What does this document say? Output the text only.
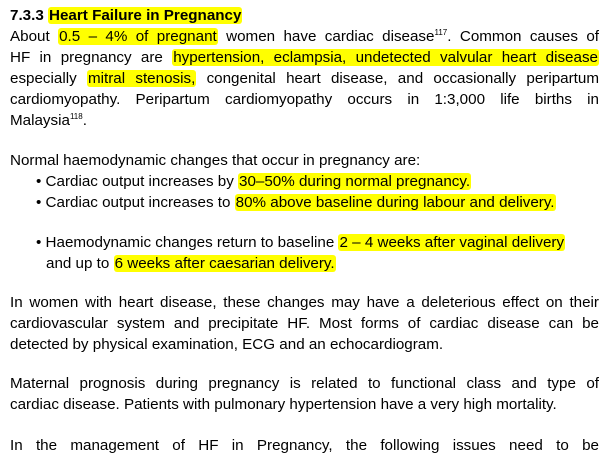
7.3.3 Heart Failure in Pregnancy
About 0.5 – 4% of pregnant women have cardiac disease$^{117}$. Common causes of
HF in pregnancy are hypertension, eclampsia, undetected valvular heart disease
especially mitral stenosis, congenital heart disease, and occasionally peripartum
cardiomyopathy. Peripartum cardiomyopathy occurs in 1:3,000 life births in
Malaysia$^{118}$.
Normal haemodynamic changes that occur in pregnancy are:
• Cardiac output increases by 30–50% during normal pregnancy.
• Cardiac output increases to 80% above baseline during labour and delivery.
• Haemodynamic changes return to baseline 2 – 4 weeks after vaginal delivery
and up to 6 weeks after caesarian delivery.
In women with heart disease, these changes may have a deleterious effect on their
cardiovascular system and precipitate HF. Most forms of cardiac disease can be
detected by physical examination, ECG and an echocardiogram.
Maternal prognosis during pregnancy is related to functional class and type of
cardiac disease. Patients with pulmonary hypertension have a very high mortality.
In the management of HF in Pregnancy, the following issues need to be
